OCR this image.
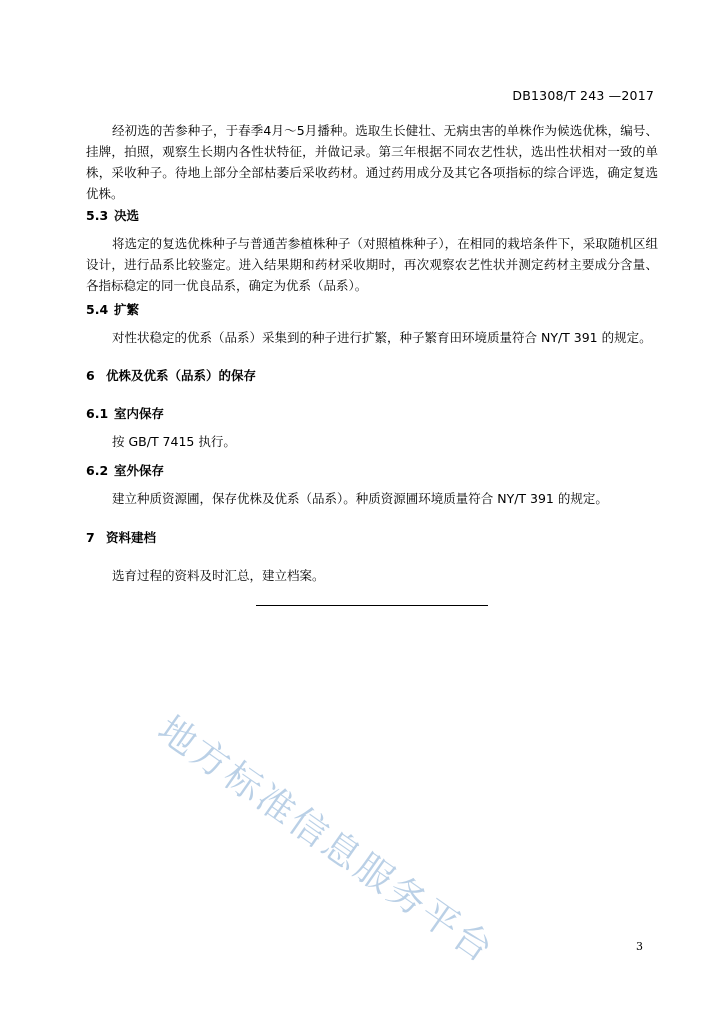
DB1308/T 243 —2017

经初选的苦参种子，于春季4月～5月播种。选取生长健壮、无病虫害的单株作为候选优株，编号、挂牌，拍照，观察生长期内各性状特征，并做记录。第三年根据不同农艺性状，选出性状相对一致的单株，采收种子。待地上部分全部枯萎后采收药材。通过药用成分及其它各项指标的综合评选，确定复选优株。

5.3 决选

将选定的复选优株种子与普通苦参植株种子（对照植株种子），在相同的栽培条件下，采取随机区组设计，进行品系比较鉴定。进入结果期和药材采收期时，再次观察农艺性状并测定药材主要成分含量、各指标稳定的同一优良品系，确定为优系（品系）。

5.4 扩繁

对性状稳定的优系（品系）采集到的种子进行扩繁，种子繁育田环境质量符合 NY/T 391 的规定。

6 优株及优系（品系）的保存
6.1 室内保存

按 GB/T 7415 执行。

6.2 室外保存

建立种质资源圃，保存优株及优系（品系）。种质资源圃环境质量符合 NY/T 391 的规定。

7 资料建档

选育过程的资料及时汇总，建立档案。

地方标准信息服务平台	3
